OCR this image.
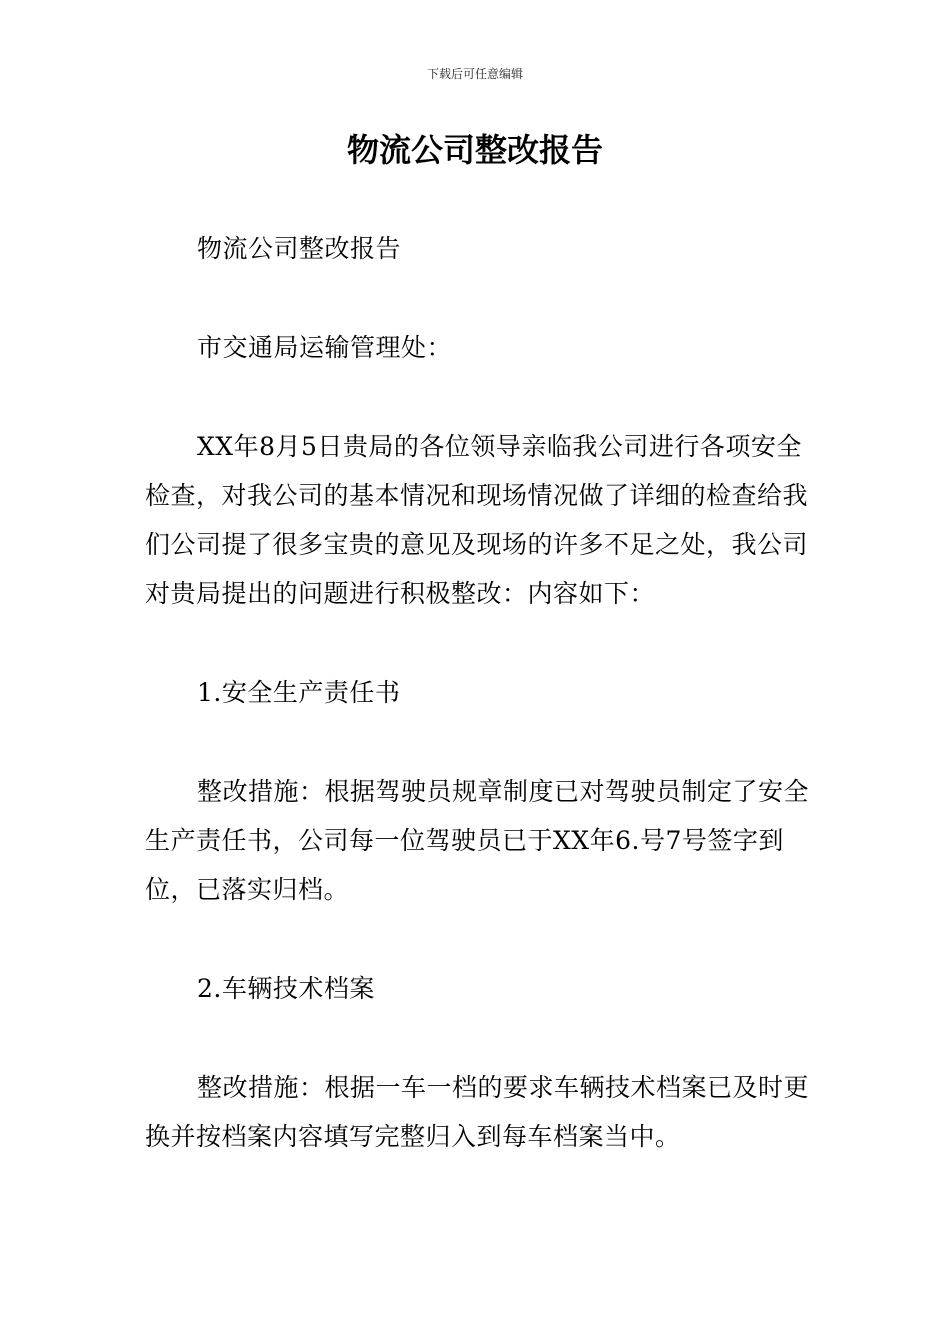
下载后可任意编辑
物流公司整改报告

物流公司整改报告

市交通局运输管理处：

XX年8月5日贵局的各位领导亲临我公司进行各项安全检查，对我公司的基本情况和现场情况做了详细的检查给我们公司提了很多宝贵的意见及现场的许多不足之处，我公司对贵局提出的问题进行积极整改：内容如下：

1.安全生产责任书

整改措施：根据驾驶员规章制度已对驾驶员制定了安全生产责任书，公司每一位驾驶员已于XX年6.号7号签字到位，已落实归档。

2.车辆技术档案

整改措施：根据一车一档的要求车辆技术档案已及时更换并按档案内容填写完整归入到每车档案当中。
